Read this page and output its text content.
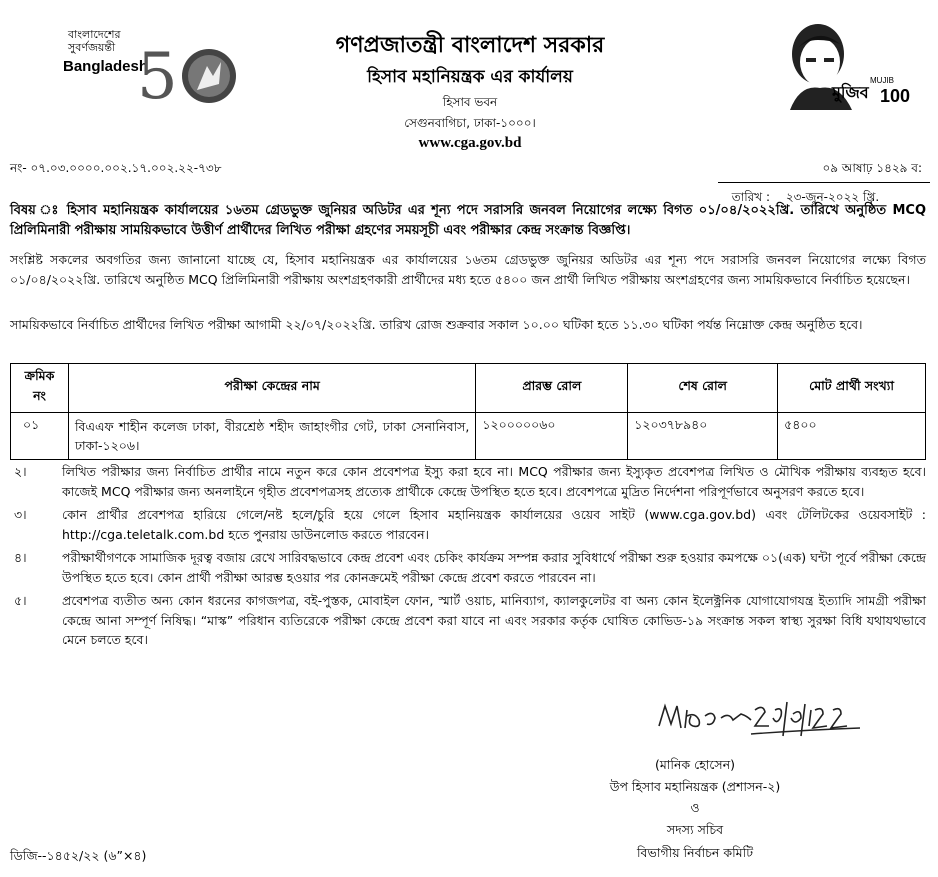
বাংলাদেশের
সুবর্ণজয়ন্তী
Bangladesh
5	মুজিব
MUJIB
100
গণপ্রজাতন্ত্রী বাংলাদেশ সরকার
হিসাব মহানিয়ন্ত্রক এর কার্যালয়
হিসাব ভবন
সেগুনবাগিচা, ঢাকা-১০০০।
www.cga.gov.bd
নং- ০৭.০৩.০০০০.০০২.১৭.০০২.২২-৭৩৮	০৯ আষাঢ় ১৪২৯ ব:
তারিখ : ২৩-জুন-২০২২ খ্রি.
বিষয় ঃ হিসাব মহানিয়ন্ত্রক কার্যালয়ের ১৬তম গ্রেডভুক্ত জুনিয়র অডিটর এর শূন্য পদে সরাসরি জনবল নিয়োগের লক্ষ্যে বিগত ০১/০৪/২০২২খ্রি. তারিখে অনুষ্ঠিত MCQ প্রিলিমিনারী পরীক্ষায় সাময়িকভাবে উত্তীর্ণ প্রার্থীদের লিখিত পরীক্ষা গ্রহণের সময়সূচী এবং পরীক্ষার কেন্দ্র সংক্রান্ত বিজ্ঞপ্তি।
সংশ্লিষ্ট সকলের অবগতির জন্য জানানো যাচ্ছে যে, হিসাব মহানিয়ন্ত্রক এর কার্যালয়ের ১৬তম গ্রেডভুক্ত জুনিয়র অডিটর এর শূন্য পদে সরাসরি জনবল নিয়োগের লক্ষ্যে বিগত ০১/০৪/২০২২খ্রি. তারিখে অনুষ্ঠিত MCQ প্রিলিমিনারী পরীক্ষায় অংশগ্রহণকারী প্রার্থীদের মধ্য হতে ৫৪০০ জন প্রার্থী লিখিত পরীক্ষায় অংশগ্রহণের জন্য সাময়িকভাবে নির্বাচিত হয়েছেন।
সাময়িকভাবে নির্বাচিত প্রার্থীদের লিখিত পরীক্ষা আগামী ২২/০৭/২০২২খ্রি. তারিখ রোজ শুক্রবার সকাল ১০.০০ ঘটিকা হতে ১১.৩০ ঘটিকা পর্যন্ত নিম্নোক্ত কেন্দ্র অনুষ্ঠিত হবে।
ক্রমিক নং	পরীক্ষা কেন্দ্রের নাম	প্রারম্ভ রোল	শেষ রোল	মোট প্রার্থী সংখ্যা
০১	বিএএফ শাহীন কলেজ ঢাকা, বীরশ্রেষ্ঠ শহীদ জাহাংগীর গেট, ঢাকা সেনানিবাস, ঢাকা-১২০৬।	১২০০০০০৬০	১২০৩৭৮৯৪০	৫৪০০
২।	লিখিত পরীক্ষার জন্য নির্বাচিত প্রার্থীর নামে নতুন করে কোন প্রবেশপত্র ইস্যু করা হবে না। MCQ পরীক্ষার জন্য ইস্যুকৃত প্রবেশপত্র লিখিত ও মৌখিক পরীক্ষায় ব্যবহৃত হবে। কাজেই MCQ পরীক্ষার জন্য অনলাইনে গৃহীত প্রবেশপত্রসহ প্রত্যেক প্রার্থীকে কেন্দ্রে উপস্থিত হতে হবে। প্রবেশপত্রে মুদ্রিত নির্দেশনা পরিপূর্ণভাবে অনুসরণ করতে হবে।
৩।	কোন প্রার্থীর প্রবেশপত্র হারিয়ে গেলে/নষ্ট হলে/চুরি হয়ে গেলে হিসাব মহানিয়ন্ত্রক কার্যালয়ের ওয়েব সাইট (www.cga.gov.bd) এবং টেলিটকের ওয়েবসাইট : http://cga.teletalk.com.bd হতে পুনরায় ডাউনলোড করতে পারবেন।
৪।	পরীক্ষার্থীগণকে সামাজিক দূরত্ব বজায় রেখে সারিবদ্ধভাবে কেন্দ্র প্রবেশ এবং চেকিং কার্যক্রম সম্পন্ন করার সুবিধার্থে পরীক্ষা শুরু হওয়ার কমপক্ষে ০১(এক) ঘন্টা পূর্বে পরীক্ষা কেন্দ্রে উপস্থিত হতে হবে। কোন প্রার্থী পরীক্ষা আরম্ভ হওয়ার পর কোনক্রমেই পরীক্ষা কেন্দ্রে প্রবেশ করতে পারবেন না।
৫।	প্রবেশপত্র ব্যতীত অন্য কোন ধরনের কাগজপত্র, বই-পুস্তক, মোবাইল ফোন, স্মার্ট ওয়াচ, মানিব্যাগ, ক্যালকুলেটর বা অন্য কোন ইলেক্ট্রনিক যোগাযোগযন্ত্র ইত্যাদি সামগ্রী পরীক্ষা কেন্দ্রে আনা সম্পূর্ণ নিষিদ্ধ। “মাস্ক” পরিধান ব্যতিরেকে পরীক্ষা কেন্দ্রে প্রবেশ করা যাবে না এবং সরকার কর্তৃক ঘোষিত কোভিড-১৯ সংক্রান্ত সকল স্বাস্থ্য সুরক্ষা বিধি যথাযথভাবে মেনে চলতে হবে।
(মানিক হোসেন)
উপ হিসাব মহানিয়ন্ত্রক (প্রশাসন-২)
ও
সদস্য সচিব
বিভাগীয় নির্বাচন কমিটি
ডিজি--১৪৫২/২২ (৬”×৪)
